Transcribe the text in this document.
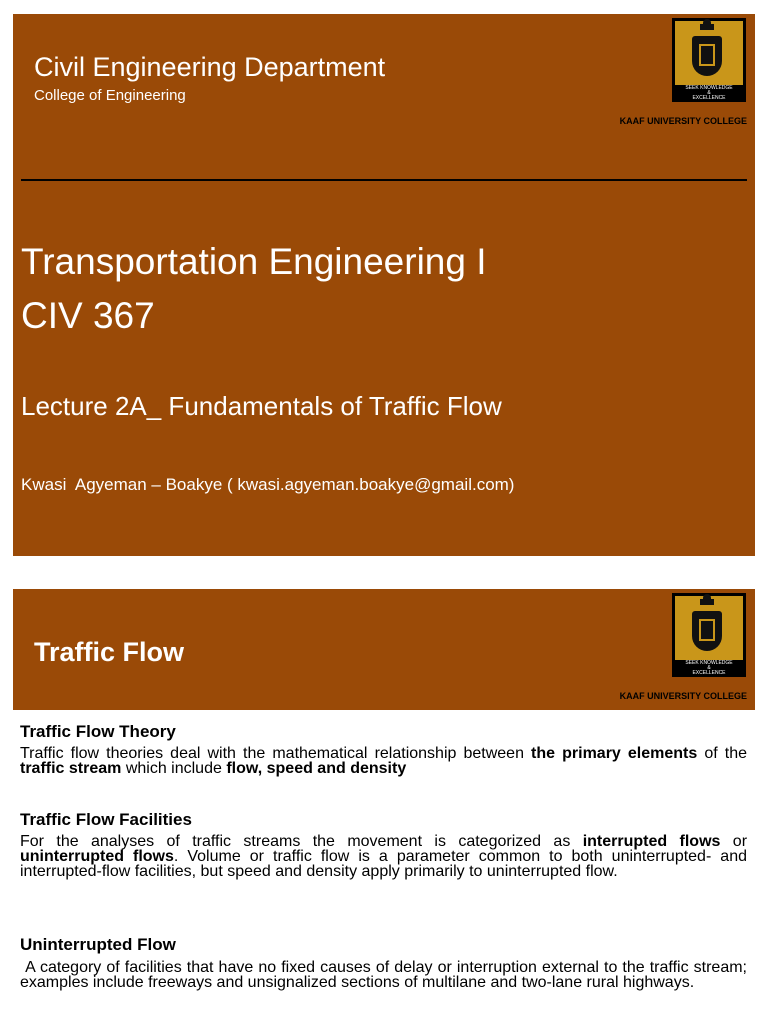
Civil Engineering Department
College of Engineering	SEEK KNOWLEDGE
&
EXCELLENCE
KAAF UNIVERSITY COLLEGE
Transportation Engineering I
CIV 367
Lecture 2A_ Fundamentals of Traffic Flow
Kwasi  Agyeman – Boakye ( kwasi.agyeman.boakye@gmail.com)
Traffic Flow	SEEK KNOWLEDGE
&
EXCELLENCE
KAAF UNIVERSITY COLLEGE
Traffic Flow Theory
Traffic flow theories deal with the mathematical relationship between the primary elements of the traffic stream which include flow, speed and density
Traffic Flow Facilities
For the analyses of traffic streams the movement is categorized as interrupted flows or uninterrupted flows. Volume or traffic flow is a parameter common to both uninterrupted- and interrupted-flow facilities, but speed and density apply primarily to uninterrupted flow.
Uninterrupted Flow
A category of facilities that have no fixed causes of delay or interruption external to the traffic stream; examples include freeways and unsignalized sections of multilane and two-lane rural highways.
